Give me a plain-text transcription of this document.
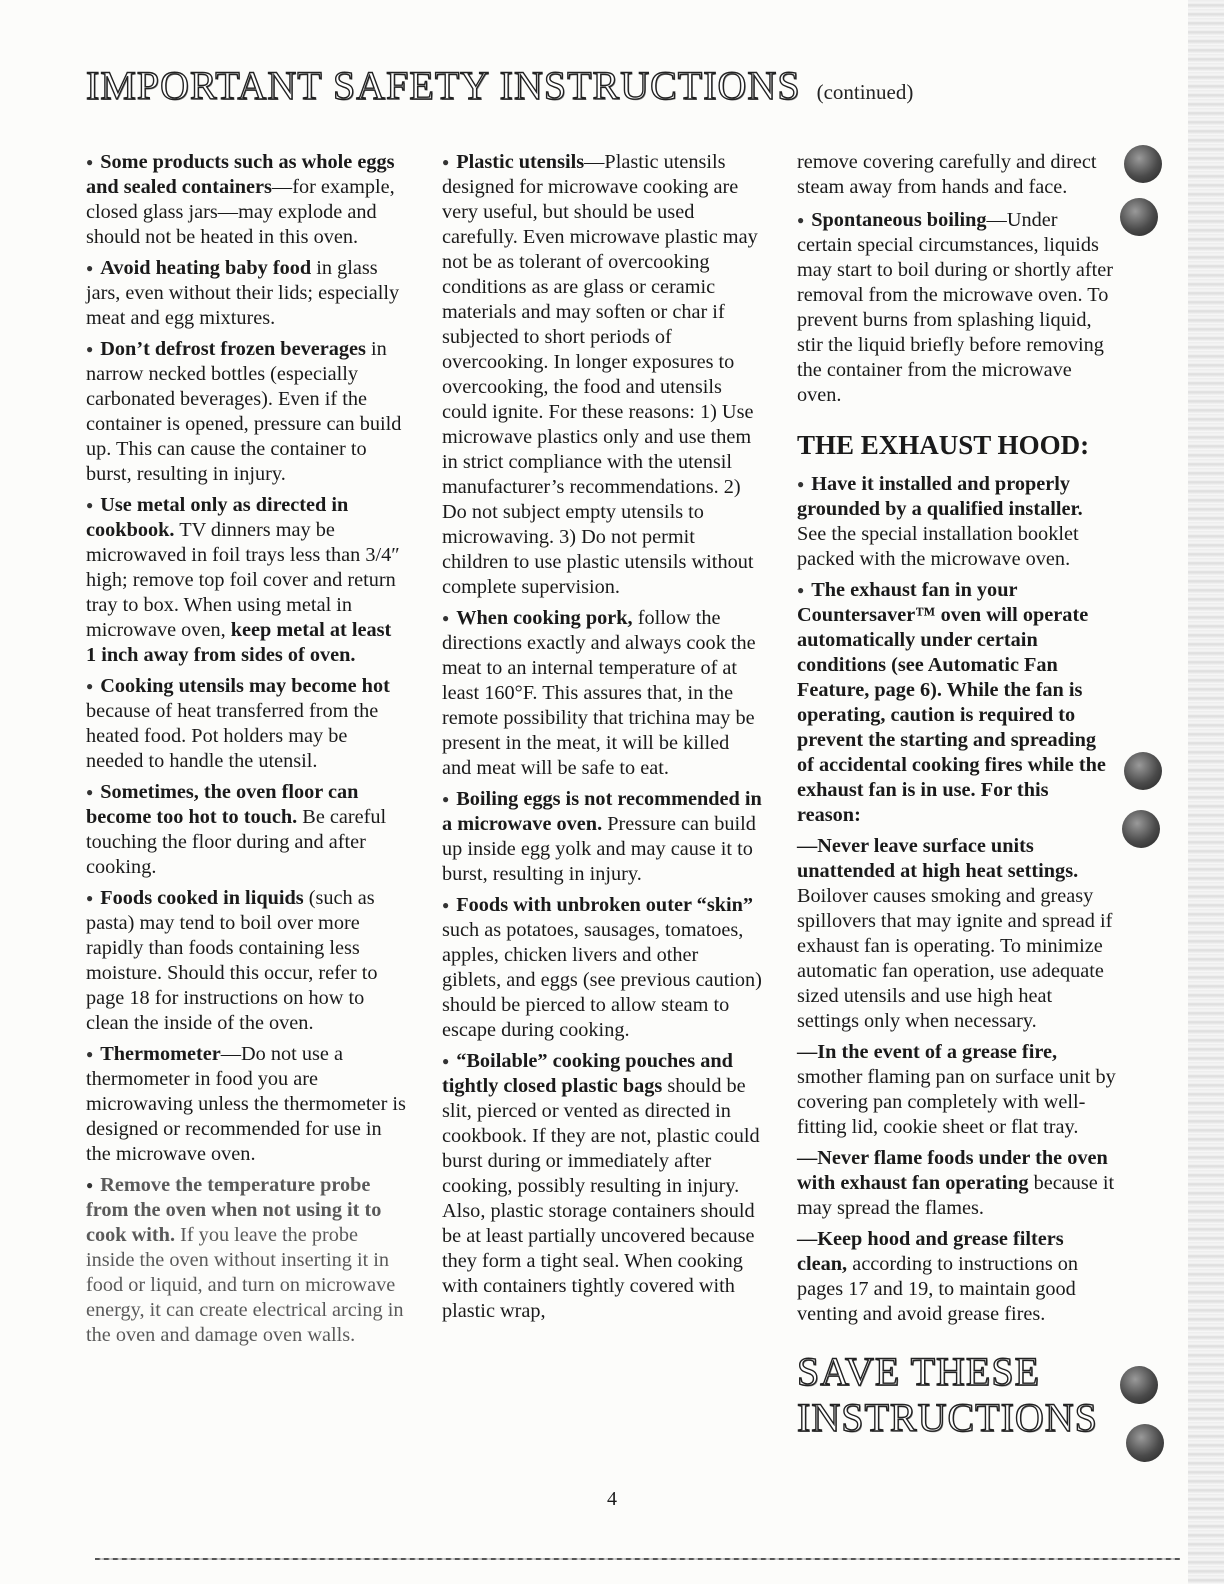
IMPORTANT SAFETY INSTRUCTIONS (continued)

● Some products such as whole eggs and sealed containers—for example, closed glass jars—may explode and should not be heated in this oven.

● Avoid heating baby food in glass jars, even without their lids; especially meat and egg mixtures.

● Don’t defrost frozen beverages in narrow necked bottles (especially carbonated beverages). Even if the container is opened, pressure can build up. This can cause the container to burst, resulting in injury.

● Use metal only as directed in cookbook. TV dinners may be microwaved in foil trays less than 3/4″ high; remove top foil cover and return tray to box. When using metal in microwave oven, keep metal at least 1 inch away from sides of oven.

● Cooking utensils may become hot because of heat transferred from the heated food. Pot holders may be needed to handle the utensil.

● Sometimes, the oven floor can become too hot to touch. Be careful touching the floor during and after cooking.

● Foods cooked in liquids (such as pasta) may tend to boil over more rapidly than foods containing less moisture. Should this occur, refer to page 18 for instructions on how to clean the inside of the oven.

● Thermometer—Do not use a thermometer in food you are microwaving unless the thermometer is designed or recommended for use in the microwave oven.

● Remove the temperature probe from the oven when not using it to cook with. If you leave the probe inside the oven without inserting it in food or liquid, and turn on microwave energy, it can create electrical arcing in the oven and damage oven walls.

● Plastic utensils—Plastic utensils designed for microwave cooking are very useful, but should be used carefully. Even microwave plastic may not be as tolerant of overcooking conditions as are glass or ceramic materials and may soften or char if subjected to short periods of overcooking. In longer exposures to overcooking, the food and utensils could ignite. For these reasons: 1) Use microwave plastics only and use them in strict compliance with the utensil manufacturer’s recommendations. 2) Do not subject empty utensils to microwaving. 3) Do not permit children to use plastic utensils without complete supervision.

● When cooking pork, follow the directions exactly and always cook the meat to an internal temperature of at least 160°F. This assures that, in the remote possibility that trichina may be present in the meat, it will be killed and meat will be safe to eat.

● Boiling eggs is not recommended in a microwave oven. Pressure can build up inside egg yolk and may cause it to burst, resulting in injury.

● Foods with unbroken outer “skin” such as potatoes, sausages, tomatoes, apples, chicken livers and other giblets, and eggs (see previous caution) should be pierced to allow steam to escape during cooking.

● “Boilable” cooking pouches and tightly closed plastic bags should be slit, pierced or vented as directed in cookbook. If they are not, plastic could burst during or immediately after cooking, possibly resulting in injury. Also, plastic storage containers should be at least partially uncovered because they form a tight seal. When cooking with containers tightly covered with plastic wrap,

remove covering carefully and direct steam away from hands and face.

● Spontaneous boiling—Under certain special circumstances, liquids may start to boil during or shortly after removal from the microwave oven. To prevent burns from splashing liquid, stir the liquid briefly before removing the container from the microwave oven.

THE EXHAUST HOOD:

● Have it installed and properly grounded by a qualified installer. See the special installation booklet packed with the microwave oven.

● The exhaust fan in your Countersaver™ oven will operate automatically under certain conditions (see Automatic Fan Feature, page 6). While the fan is operating, caution is required to prevent the starting and spreading of accidental cooking fires while the exhaust fan is in use. For this reason:

—Never leave surface units unattended at high heat settings. Boilover causes smoking and greasy spillovers that may ignite and spread if exhaust fan is operating. To minimize automatic fan operation, use adequate sized utensils and use high heat settings only when necessary.

—In the event of a grease fire, smother flaming pan on surface unit by covering pan completely with well-fitting lid, cookie sheet or flat tray.

—Never flame foods under the oven with exhaust fan operating because it may spread the flames.

—Keep hood and grease filters clean, according to instructions on pages 17 and 19, to maintain good venting and avoid grease fires.

SAVE THESE
INSTRUCTIONS
4
